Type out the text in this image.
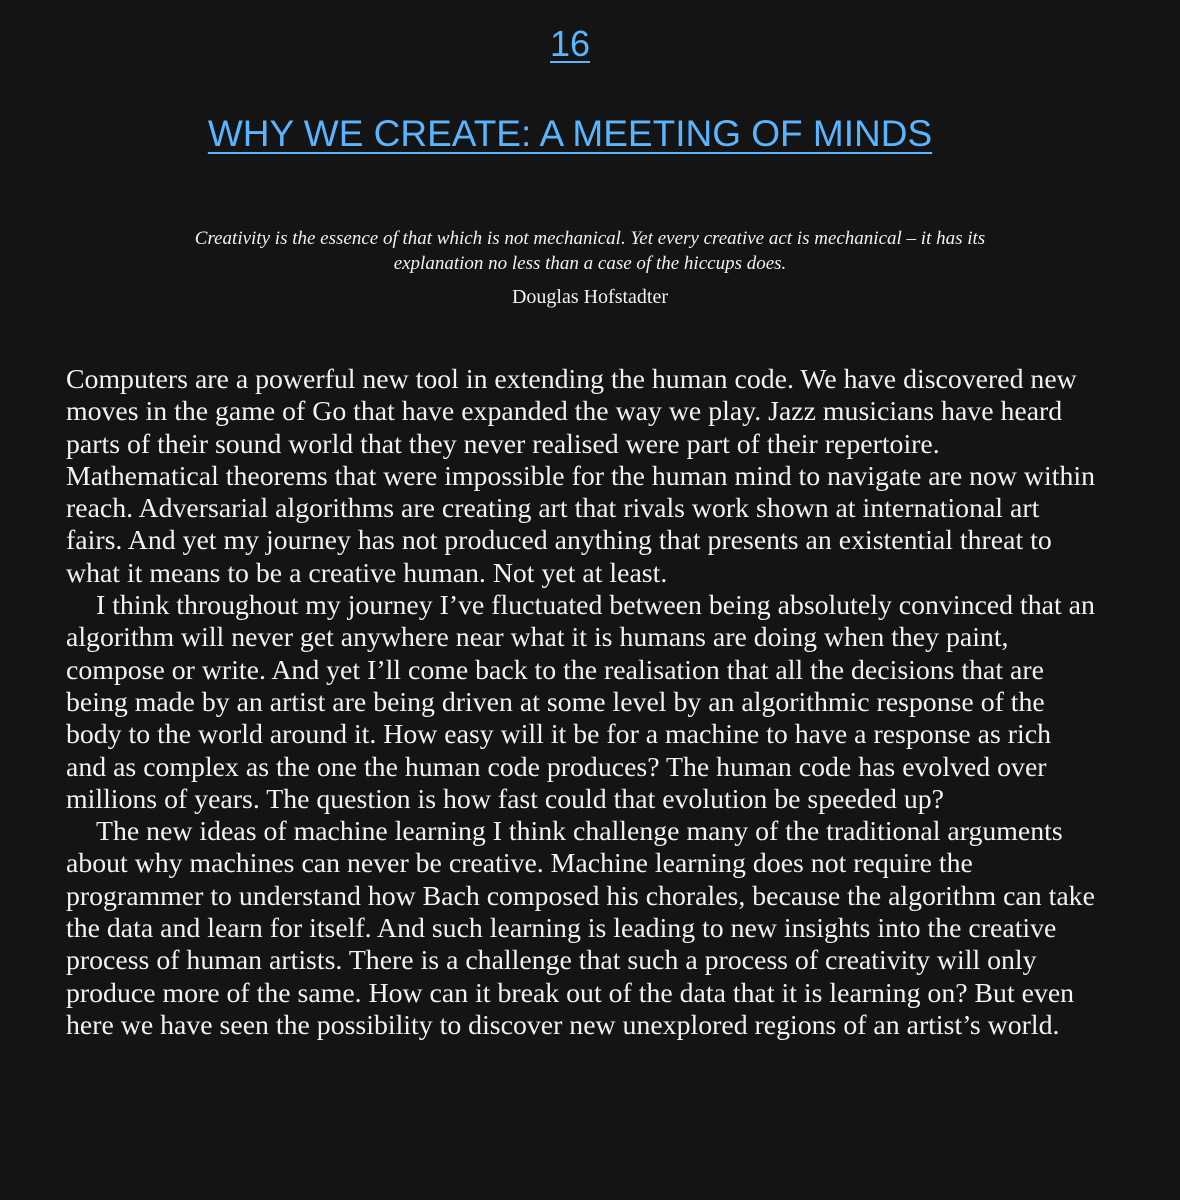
16
WHY WE CREATE: A MEETING OF MINDS

Creativity is the essence of that which is not mechanical. Yet every creative act is mechanical – it has its
explanation no less than a case of the hiccups does.

Douglas Hofstadter

Computers are a powerful new tool in extending the human code. We have discovered new moves in the game of Go that have expanded the way we play. Jazz musicians have heard parts of their sound world that they never realised were part of their repertoire. Mathematical theorems that were impossible for the human mind to navigate are now within reach. Adversarial algorithms are creating art that rivals work shown at international art fairs. And yet my journey has not produced anything that presents an existential threat to what it means to be a creative human. Not yet at least.

I think throughout my journey I’ve fluctuated between being absolutely convinced that an algorithm will never get anywhere near what it is humans are doing when they paint, compose or write. And yet I’ll come back to the realisation that all the decisions that are being made by an artist are being driven at some level by an algorithmic response of the body to the world around it. How easy will it be for a machine to have a response as rich and as complex as the one the human code produces? The human code has evolved over millions of years. The question is how fast could that evolution be speeded up?

The new ideas of machine learning I think challenge many of the traditional arguments about why machines can never be creative. Machine learning does not require the programmer to understand how Bach composed his chorales, because the algorithm can take the data and learn for itself. And such learning is leading to new insights into the creative process of human artists. There is a challenge that such a process of creativity will only produce more of the same. How can it break out of the data that it is learning on? But even here we have seen the possibility to discover new unexplored regions of an artist’s world.
